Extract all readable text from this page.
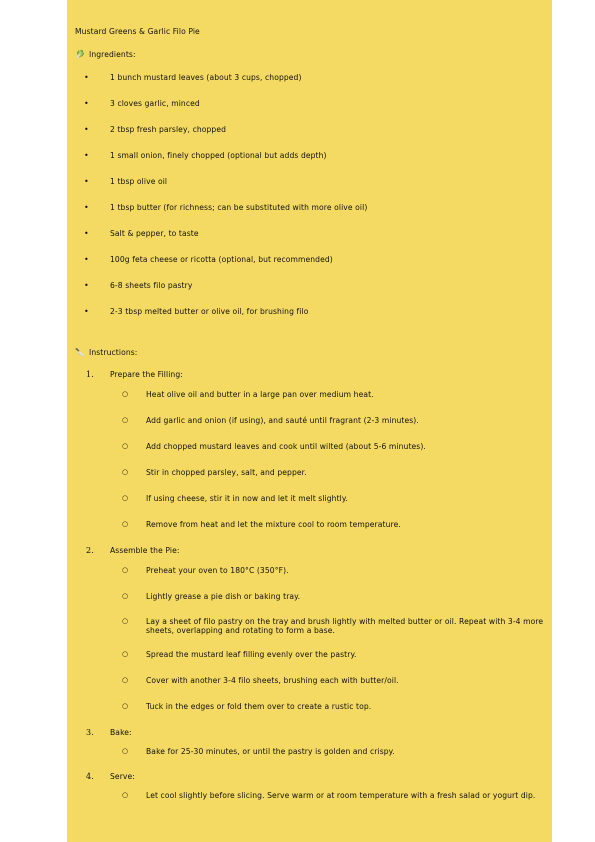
Mustard Greens & Garlic Filo Pie
🥬 Ingredients:
•	1 bunch mustard leaves (about 3 cups, chopped)
•	3 cloves garlic, minced
•	2 tbsp fresh parsley, chopped
•	1 small onion, finely chopped (optional but adds depth)
•	1 tbsp olive oil
•	1 tbsp butter (for richness; can be substituted with more olive oil)
•	Salt & pepper, to taste
•	100g feta cheese or ricotta (optional, but recommended)
•	6-8 sheets filo pastry
•	2-3 tbsp melted butter or olive oil, for brushing filo
🔪 Instructions:
1. Prepare the Filling:
○ Heat olive oil and butter in a large pan over medium heat.
○ Add garlic and onion (if using), and sauté until fragrant (2-3 minutes).
○ Add chopped mustard leaves and cook until wilted (about 5-6 minutes).
○ Stir in chopped parsley, salt, and pepper.
○ If using cheese, stir it in now and let it melt slightly.
○ Remove from heat and let the mixture cool to room temperature.
2. Assemble the Pie:
○ Preheat your oven to 180°C (350°F).
○ Lightly grease a pie dish or baking tray.
○ Lay a sheet of filo pastry on the tray and brush lightly with melted butter or oil. Repeat with 3-4 more sheets, overlapping and rotating to form a base.
○ Spread the mustard leaf filling evenly over the pastry.
○ Cover with another 3-4 filo sheets, brushing each with butter/oil.
○ Tuck in the edges or fold them over to create a rustic top.
3. Bake:
○ Bake for 25-30 minutes, or until the pastry is golden and crispy.
4. Serve:
○ Let cool slightly before slicing. Serve warm or at room temperature with a fresh salad or yogurt dip.
